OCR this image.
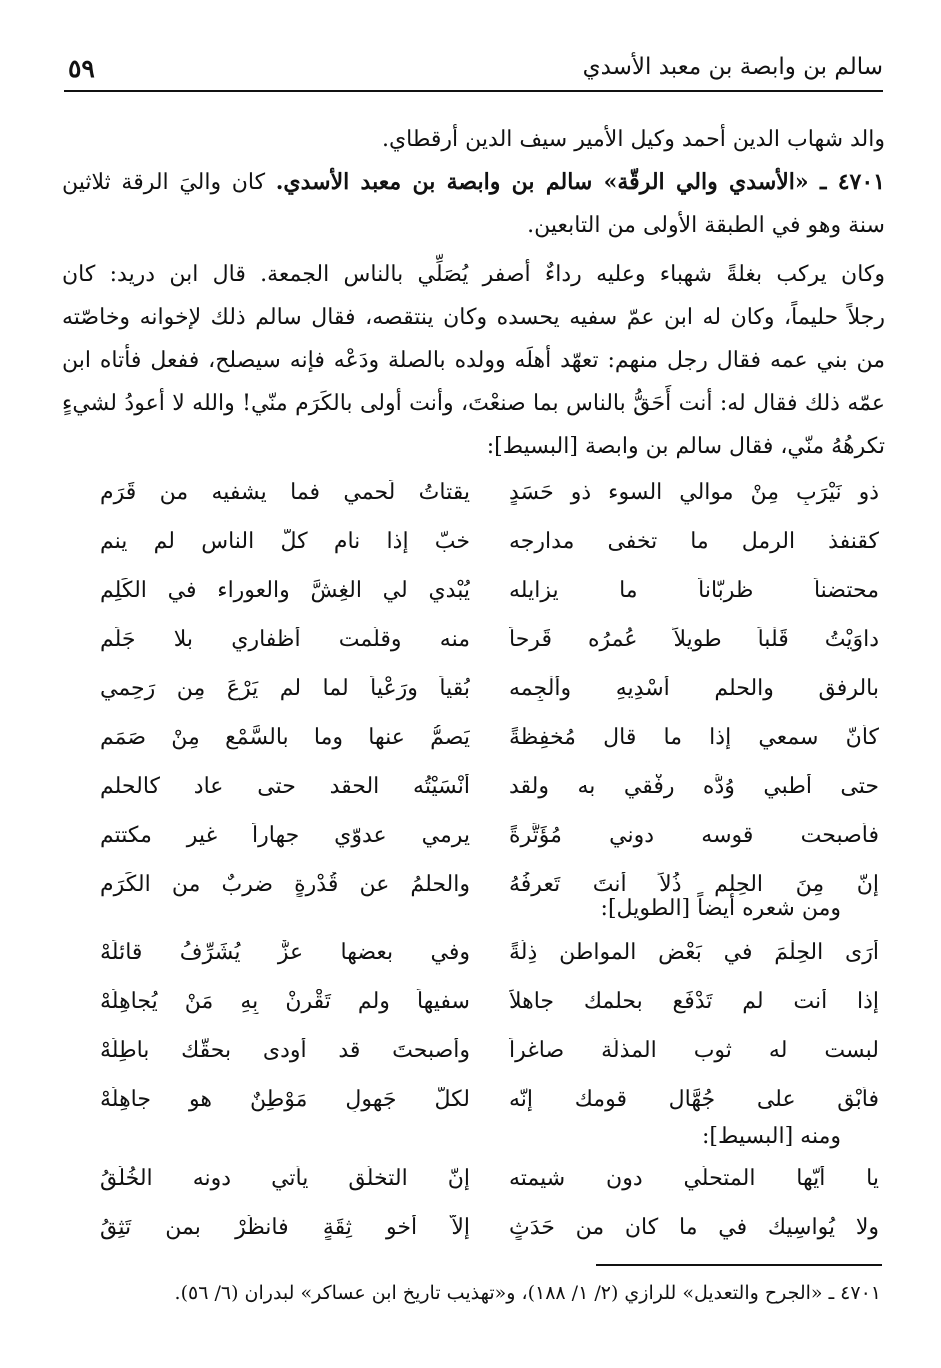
سالم بن وابصة بن معبد الأسدي
٥٩
والد شهاب الدين أحمد وكيل الأمير سيف الدين أرقطاي.
٤٧٠١ ـ «الأسدي والي الرقّة» سالم بن وابصة بن معبد الأسدي. كان واليَ الرقة ثلاثين
سنة وهو في الطبقة الأولى من التابعين.
وكان يركب بغلةً شهباء وعليه رداءٌ أصفر يُصَلِّي بالناس الجمعة. قال ابن دريد: كان
رجلاً حليماً، وكان له ابن عمّ سفيه يحسده وكان ينتقصه، فقال سالم ذلك لإخوانه وخاصّته
من بني عمه فقال رجل منهم: تعهّد أهلَه وولده بالصلة ودَعْه فإنه سيصلح، ففعل فأتاه ابن
عمّه ذلك فقال له: أنت أَحَقُّ بالناس بما صنعْتَ، وأنت أولى بالكَرَم منّي! والله لا أعودُ لشيءٍ
تكرهُهُ منّي، فقال سالم بن وابصة [البسيط]:
ذو نَيْرَبٍ مِنْ موالي السوء ذو حَسَدٍ
يقتاتُ لَحمي فما يشفيه من قَرَمِ
كقنفذ الرمل ما تخفى مدارجه
خبّ إذا نام كلّ الناس لم ينم
محتضناً ظربّاناً ما يزايله
يُبْدي لي الغِشَّ والعوراء في الكَلِمِ
داوَيْتُ قَلْباً طويلاً عُمرُه قَرِحاً
منه وقلّمت أظفاري بلا جَلَمِ
بالرفق والحلم أُسْدِيهِ وأُلْجِمه
بُقياً ورَعْياً لما لم يَرْعَ مِن رَحِمي
كأنّ سمعي إذا ما قال مُخفِظةً
يَصمُّ عنها وما بالسَّمْعِ مِنْ صَمَمِ
حتى أطبي وُدُّه رِفْقي به ولقد
أنْسَيْتُه الحقد حتى عاد كالحلم
فأصبحت قوسه دوني مُؤَتَّرةً
يرمي عدوّي جهاراً غير مكتتم
إنّ مِنَ الحِلمِ ذُلاً أنتَ تَعرِفُهُ
والحلمُ عن قُدْرةٍ ضربٌ من الكَرَمِ
ومن شعره أيضاً [الطويل]:
أرَى الحِلْمَ في بَعْضِ المواطنِ ذِلَّةً
وفي بعضها عزٌّ يُشَرِّفُ قائلَهْ
إذا أنت لم تَدْفَع بحلمك جاهلاً
سفيهاً ولم تَقْرِنْ بِهِ مَنْ يُجاهِلُهْ
لبست له ثوب المذلّة صاغراً
وأصبحتَ قد أودى بحقّك باطِلُهْ
فأَبْقِ على جُهَّال قومك إنّه
لكلّ جَهولٍ مَوْطِنٌ هو جاهِلُهْ
ومنه [البسيط]:
يا أيّها المتحلّي دون شيمته
إنّ التخلّق يأتي دونه الخُلُقُ
ولا يُواسِيك في ما كان من حَدَثٍ
إلاّ أخو ثِقَةٍ فانظُرْ بمن تَثِقُ
٤٧٠١ ـ «الجرح والتعديل» للرازي (٢/ ١/ ١٨٨)، و«تهذيب تاريخ ابن عساكر» لبدران (٦/ ٥٦).
